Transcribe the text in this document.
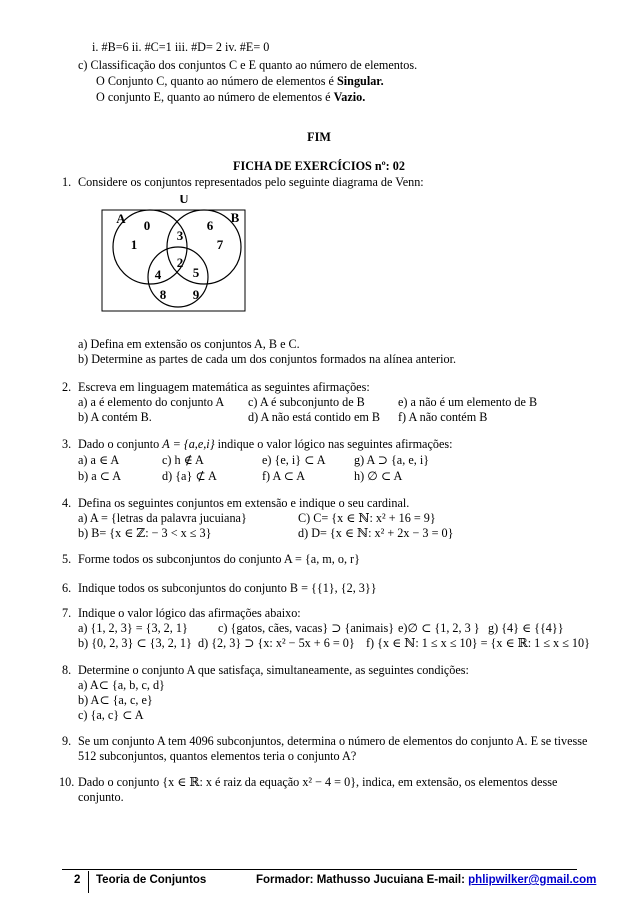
i. #B=6 ii. #C=1 iii. #D= 2 iv. #E= 0
c) Classificação dos conjuntos C e E quanto ao número de elementos.
O Conjunto C, quanto ao número de elementos é Singular.
O conjunto E, quanto ao número de elementos é Vazio.
FIM
FICHA DE EXERCÍCIOS nº: 02
1. Considere os conjuntos representados pelo seguinte diagrama de Venn:
U
A	B
0
1
3
6
7
2
4 5
8 9
a) Defina em extensão os conjuntos A, B e C.
b) Determine as partes de cada um dos conjuntos formados na alínea anterior.
2. Escreva em linguagem matemática as seguintes afirmações:
a) a é elemento do conjunto A c) A é subconjunto de B	e) a não é um elemento de B
b) A contém B.	d) A não está contido em B f) A não contém B
3. Dado o conjunto A = {a,e,i} indique o valor lógico nas seguintes afirmações:
a) a ∈ A	c) h ∉ A	e) {e, i} ⊂ A g) A ⊃ {a, e, i}
b) a ⊂ A	d) {a} ⊄ A	f) A ⊂ A	h) ∅ ⊂ A
4. Defina os seguintes conjuntos em extensão e indique o seu cardinal.
a) A = {letras da palavra jucuiana}	C) C= {x ∈ ℕ: x² + 16 = 9}
b) B= {x ∈ ℤ: − 3 < x ≤ 3}	d) D= {x ∈ ℕ: x² + 2x − 3 = 0}
5. Forme todos os subconjuntos do conjunto A = {a, m, o, r}
6. Indique todos os subconjuntos do conjunto B = {{1}, {2, 3}}
7. Indique o valor lógico das afirmações abaixo:
a) {1, 2, 3} = {3, 2, 1} c) {gatos, cães, vacas} ⊃ {animais} e)∅ ⊂ {1, 2, 3 } g) {4} ∈ {{4}}
b) {0, 2, 3} ⊂ {3, 2, 1} d) {2, 3} ⊃ {x: x² − 5x + 6 = 0} f) {x ∈ ℕ: 1 ≤ x ≤ 10} = {x ∈ ℝ: 1 ≤ x ≤ 10}
8. Determine o conjunto A que satisfaça, simultaneamente, as seguintes condições:
a) A⊂ {a, b, c, d}
b) A⊂ {a, c, e}
c) {a, c} ⊂ A
9. Se um conjunto A tem 4096 subconjuntos, determina o número de elementos do conjunto A. E se tivesse
512 subconjuntos, quantos elementos teria o conjunto A?
10. Dado o conjunto {x ∈ ℝ: x é raiz da equação x² − 4 = 0}, indica, em extensão, os elementos desse
conjunto.
2 Teoria de Conjuntos	Formador: Mathusso Jucuiana E-mail: phlipwilker@gmail.com
